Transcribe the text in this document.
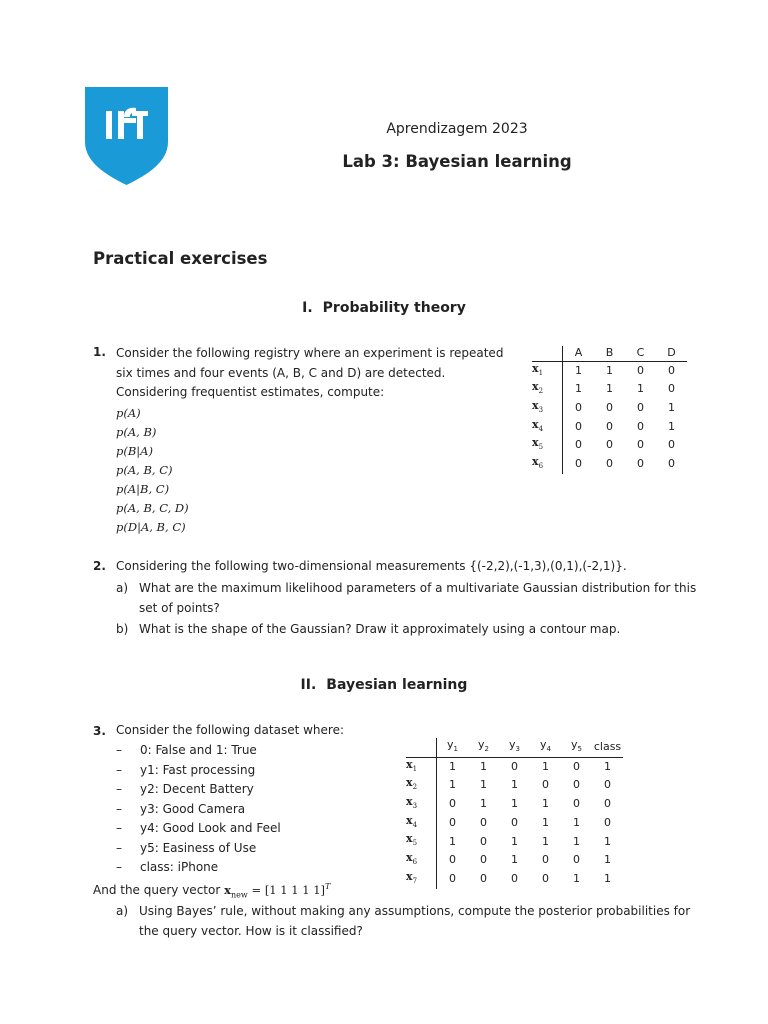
Aprendizagem 2023
Lab 3: Bayesian learning
Practical exercises
I. Probability theory
1. Consider the following registry where an experiment is repeated
six times and four events (A, B, C and D) are detected.
Considering frequentist estimates, compute:
p(A)
p(A, B)
p(B|A)
p(A, B, C)
p(A|B, C)
p(A, B, C, D)
p(D|A, B, C)
	A	B	C	D
$x_1$	1	1	0	0
$x_2$	1	1	1	0
$x_3$	0	0	0	1
$x_4$	0	0	0	1
$x_5$	0	0	0	0
$x_6$	0	0	0	0
2. Considering the following two-dimensional measurements {(-2,2),(-1,3),(0,1),(-2,1)}.
a) What are the maximum likelihood parameters of a multivariate Gaussian distribution for this
set of points?
b) What is the shape of the Gaussian? Draw it approximately using a contour map.
II. Bayesian learning
3. Consider the following dataset where:
– 0: False and 1: True
– y1: Fast processing
– y2: Decent Battery
– y3: Good Camera
– y4: Good Look and Feel
– y5: Easiness of Use
– class: iPhone
And the query vector $x_{new} = [1$ 1 1 1 1]$^T$
a) Using Bayes’ rule, without making any assumptions, compute the posterior probabilities for
the query vector. How is it classified?
	$y_1$	$y_2$	$y_3$	$y_4$	$y_5$	class
$x_1$	1	1	0	1	0	1
$x_2$	1	1	1	0	0	0
$x_3$	0	1	1	1	0	0
$x_4$	0	0	0	1	1	0
$x_5$	1	0	1	1	1	1
$x_6$	0	0	1	0	0	1
$x_7$	0	0	0	0	1	1
